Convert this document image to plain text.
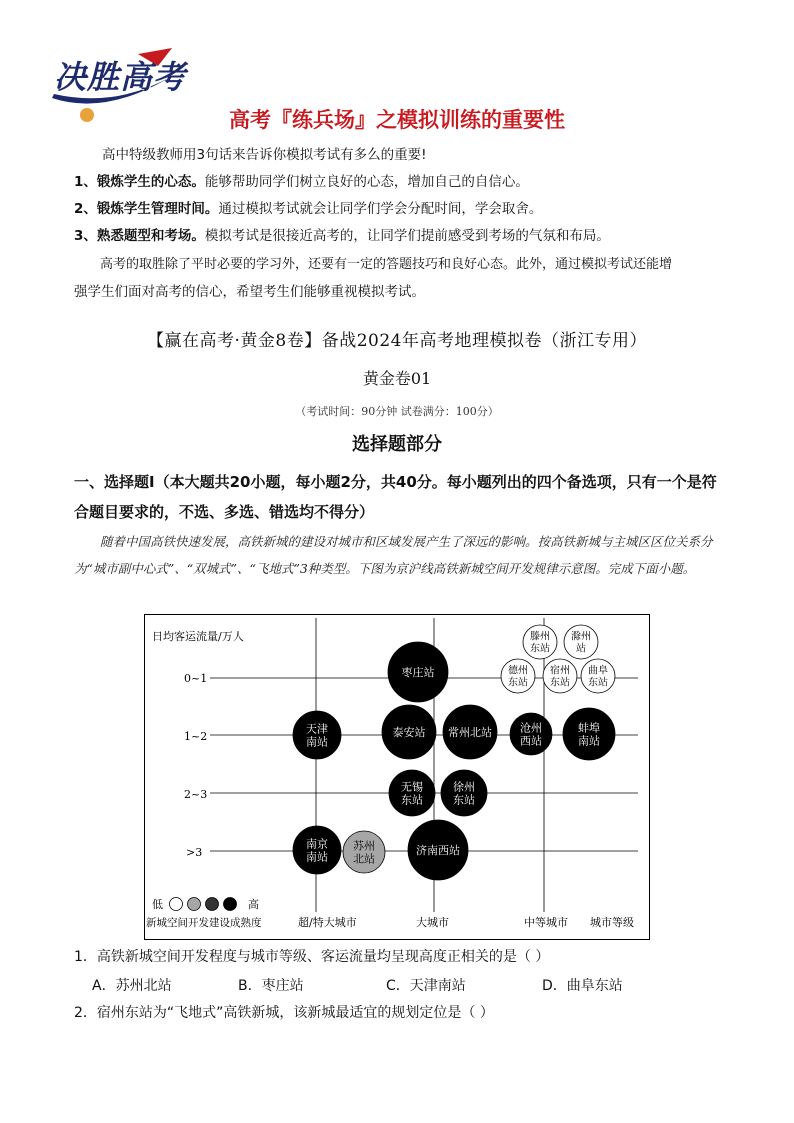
决胜高考
高考『练兵场』之模拟训练的重要性
高中特级教师用3句话来告诉你模拟考试有多么的重要!
1、锻炼学生的心态。能够帮助同学们树立良好的心态，增加自己的自信心。
2、锻炼学生管理时间。通过模拟考试就会让同学们学会分配时间，学会取舍。
3、熟悉题型和考场。模拟考试是很接近高考的，让同学们提前感受到考场的气氛和布局。
高考的取胜除了平时必要的学习外，还要有一定的答题技巧和良好心态。此外，通过模拟考试还能增
强学生们面对高考的信心，希望考生们能够重视模拟考试。
【赢在高考·黄金8卷】备战2024年高考地理模拟卷（浙江专用）
黄金卷01
（考试时间：90分钟 试卷满分：100分）
选择题部分
一、选择题Ⅰ（本大题共20小题，每小题2分，共40分。每小题列出的四个备选项，只有一个是符合题目要求的，不选、多选、错选均不得分）
随着中国高铁快速发展，高铁新城的建设对城市和区域发展产生了深远的影响。按高铁新城与主城区区位关系分为“城市副中心式”、“双城式”、“飞地式”3种类型。下图为京沪线高铁新城空间开发规律示意图。完成下面小题。
枣庄站
滕州东站
滁州站
德州东站
宿州东站
曲阜东站
天津南站
泰安站 常州北站	沧州西站
蚌埠南站
无锡东站
徐州东站
南京南站
苏州北站
济南西站
日均客运流量/万人
超/特大城市	大城市	中等城市 城市等级
0~1
1~2
2~3
>3
低	高
新城空间开发建设成熟度
1．高铁新城空间开发程度与城市等级、客运流量均呈现高度正相关的是（ ）
A．苏州北站	B．枣庄站	C．天津南站	D．曲阜东站
2．宿州东站为“飞地式”高铁新城，该新城最适宜的规划定位是（ ）
